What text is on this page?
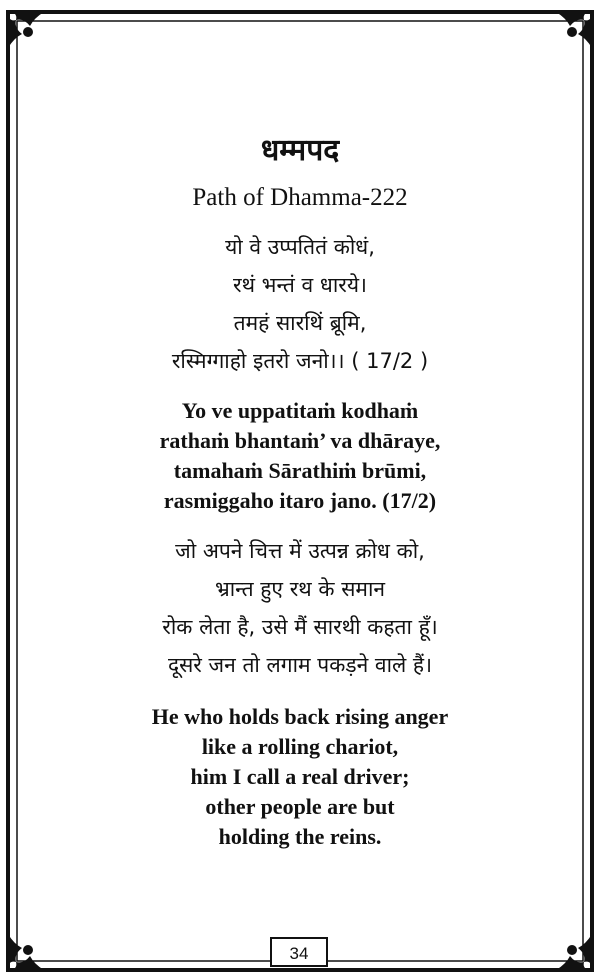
धम्मपद
Path of Dhamma-222
यो वे उप्पतितं कोधं,
रथं भन्तं व धारये।
तमहं सारथिं ब्रूमि,
रस्मिग्गाहो इतरो जनो।। ( 17/2 )
Yo ve uppatitaṁ kodhaṁ
rathaṁ bhantaṁ’ va dhāraye,
tamahaṁ Sārathiṁ brūmi,
rasmiggaho itaro jano. (17/2)
जो अपने चित्त में उत्पन्न क्रोध को,
भ्रान्त हुए रथ के समान
रोक लेता है, उसे मैं सारथी कहता हूँ।
दूसरे जन तो लगाम पकड़ने वाले हैं।
He who holds back rising anger
like a rolling chariot,
him I call a real driver;
other people are but
holding the reins.
34
